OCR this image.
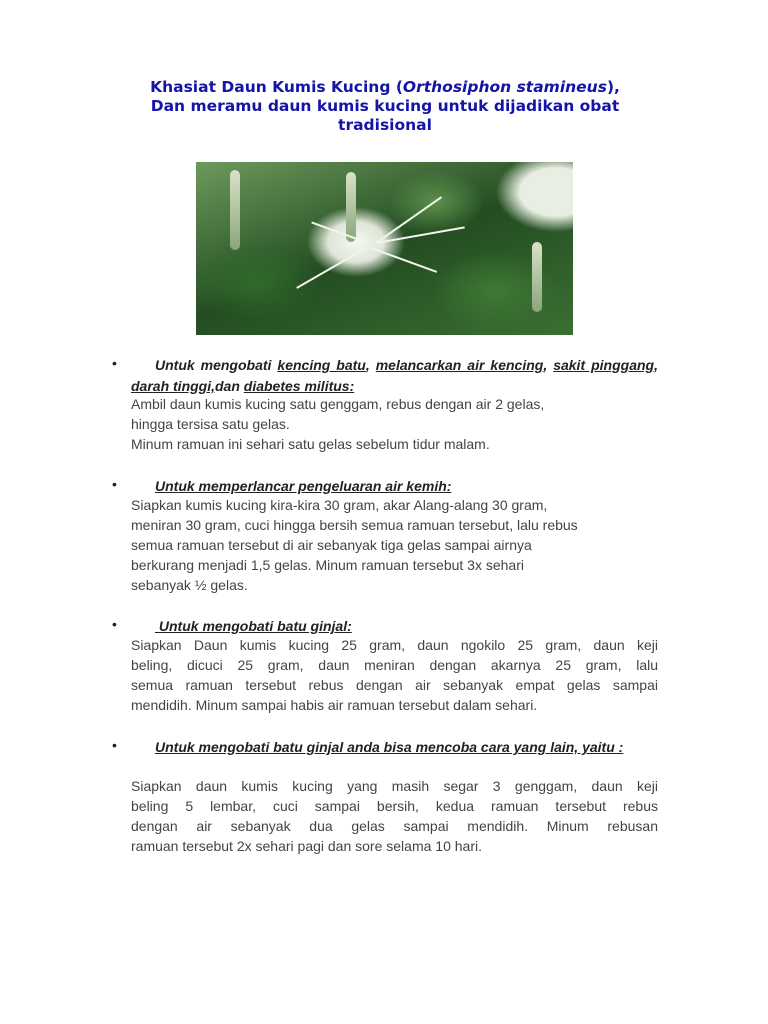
Khasiat Daun Kumis Kucing (Orthosiphon stamineus),
Dan meramu daun kumis kucing untuk dijadikan obat
tradisional
•	Untuk mengobati kencing batu, melancarkan air kencing, sakit pinggang, darah tinggi,dan diabetes militus:
Ambil daun kumis kucing satu genggam, rebus dengan air 2 gelas,
hingga tersisa satu gelas.
Minum ramuan ini sehari satu gelas sebelum tidur malam.
•	Untuk memperlancar pengeluaran air kemih:
Siapkan kumis kucing kira-kira 30 gram, akar Alang-alang 30 gram,
meniran 30 gram, cuci hingga bersih semua ramuan tersebut, lalu rebus
semua ramuan tersebut di air sebanyak tiga gelas sampai airnya
berkurang menjadi 1,5 gelas. Minum ramuan tersebut 3x sehari
sebanyak ½ gelas.
•	Untuk mengobati batu ginjal:
Siapkan Daun kumis kucing 25 gram, daun ngokilo 25 gram, daun keji
beling, dicuci 25 gram, daun meniran dengan akarnya 25 gram, lalu
semua ramuan tersebut rebus dengan air sebanyak empat gelas sampai
mendidih. Minum sampai habis air ramuan tersebut dalam sehari.
•	Untuk mengobati batu ginjal anda bisa mencoba cara yang lain, yaitu :
Siapkan daun kumis kucing yang masih segar 3 genggam, daun keji
beling 5 lembar, cuci sampai bersih, kedua ramuan tersebut rebus
dengan air sebanyak dua gelas sampai mendidih. Minum rebusan
ramuan tersebut 2x sehari pagi dan sore selama 10 hari.
